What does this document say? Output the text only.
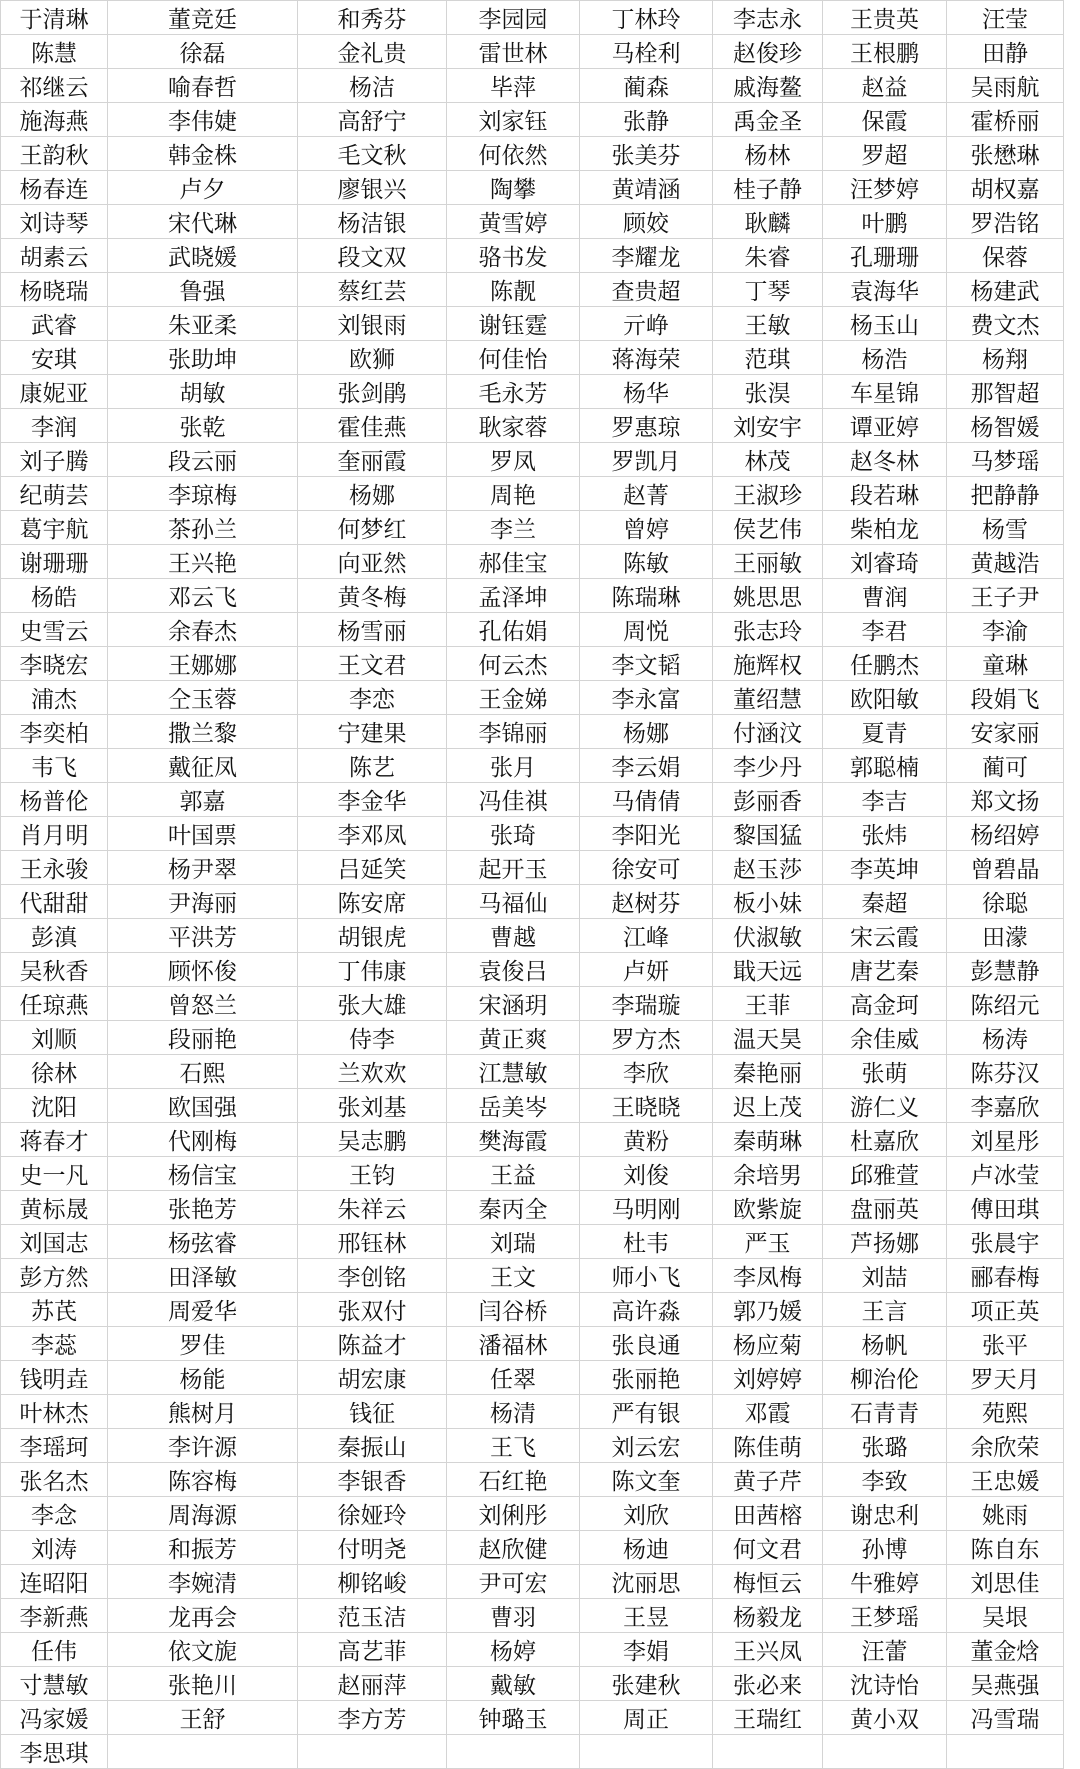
于清琳	董竞廷	和秀芬	李园园	丁林玲	李志永	王贵英	汪莹
陈慧	徐磊	金礼贵	雷世林	马栓利	赵俊珍	王根鹏	田静
祁继云	喻春哲	杨洁	毕萍	蔺森	戚海鳌	赵益	吴雨航
施海燕	李伟婕	高舒宁	刘家钰	张静	禹金圣	保霞	霍桥丽
王韵秋	韩金株	毛文秋	何依然	张美芬	杨林	罗超	张懋琳
杨春连	卢夕	廖银兴	陶攀	黄靖涵	桂子静	汪梦婷	胡权嘉
刘诗琴	宋代琳	杨洁银	黄雪婷	顾姣	耿麟	叶鹏	罗浩铭
胡素云	武晓媛	段文双	骆书发	李耀龙	朱睿	孔珊珊	保蓉
杨晓瑞	鲁强	蔡红芸	陈靓	查贵超	丁琴	袁海华	杨建武
武睿	朱亚柔	刘银雨	谢钰霆	亓峥	王敏	杨玉山	费文杰
安琪	张助坤	欧狮	何佳怡	蒋海荣	范琪	杨浩	杨翔
康妮亚	胡敏	张剑鹃	毛永芳	杨华	张淏	车星锦	那智超
李润	张乾	霍佳燕	耿家蓉	罗惠琼	刘安宇	谭亚婷	杨智媛
刘子腾	段云丽	奎丽霞	罗凤	罗凯月	林茂	赵冬林	马梦瑶
纪萌芸	李琼梅	杨娜	周艳	赵菁	王淑珍	段若琳	把静静
葛宇航	茶孙兰	何梦红	李兰	曾婷	侯艺伟	柴柏龙	杨雪
谢珊珊	王兴艳	向亚然	郝佳宝	陈敏	王丽敏	刘睿琦	黄越浩
杨皓	邓云飞	黄冬梅	孟泽坤	陈瑞琳	姚思思	曹润	王子尹
史雪云	余春杰	杨雪丽	孔佑娟	周悦	张志玲	李君	李渝
李晓宏	王娜娜	王文君	何云杰	李文韬	施辉权	任鹏杰	童琳
浦杰	仝玉蓉	李恋	王金娣	李永富	董绍慧	欧阳敏	段娟飞
李奕柏	撒兰黎	宁建果	李锦丽	杨娜	付涵汶	夏青	安家丽
韦飞	戴征凤	陈艺	张月	李云娟	李少丹	郭聪楠	蔺可
杨普伦	郭嘉	李金华	冯佳祺	马倩倩	彭丽香	李吉	郑文扬
肖月明	叶国票	李邓凤	张琦	李阳光	黎国猛	张炜	杨绍婷
王永骏	杨尹翠	吕延笑	起开玉	徐安可	赵玉莎	李英坤	曾碧晶
代甜甜	尹海丽	陈安席	马福仙	赵树芬	板小妹	秦超	徐聪
彭滇	平洪芳	胡银虎	曹越	江峰	伏淑敏	宋云霞	田濛
吴秋香	顾怀俊	丁伟康	袁俊吕	卢妍	戢天远	唐艺秦	彭慧静
任琼燕	曾怒兰	张大雄	宋涵玥	李瑞璇	王菲	高金珂	陈绍元
刘顺	段丽艳	侍李	黄正爽	罗方杰	温天昊	余佳威	杨涛
徐林	石熙	兰欢欢	江慧敏	李欣	秦艳丽	张萌	陈芬汉
沈阳	欧国强	张刘基	岳美岑	王晓晓	迟上茂	游仁义	李嘉欣
蒋春才	代刚梅	吴志鹏	樊海霞	黄粉	秦萌琳	杜嘉欣	刘星彤
史一凡	杨信宝	王钧	王益	刘俊	余培男	邱雅萱	卢冰莹
黄标晟	张艳芳	朱祥云	秦丙全	马明刚	欧紫旋	盘丽英	傅田琪
刘国志	杨弦睿	邢钰林	刘瑞	杜韦	严玉	芦扬娜	张晨宇
彭方然	田泽敏	李创铭	王文	师小飞	李凤梅	刘喆	郦春梅
苏芪	周爱华	张双付	闫谷桥	高许淼	郭乃媛	王言	项正英
李蕊	罗佳	陈益才	潘福林	张良通	杨应菊	杨帆	张平
钱明垚	杨能	胡宏康	任翠	张丽艳	刘婷婷	柳治伦	罗天月
叶林杰	熊树月	钱征	杨清	严有银	邓霞	石青青	苑熙
李瑶珂	李许源	秦振山	王飞	刘云宏	陈佳萌	张璐	余欣荣
张名杰	陈容梅	李银香	石红艳	陈文奎	黄子芹	李致	王忠媛
李念	周海源	徐娅玲	刘俐彤	刘欣	田茜榕	谢忠利	姚雨
刘涛	和振芳	付明尧	赵欣健	杨迪	何文君	孙博	陈自东
连昭阳	李婉清	柳铭峻	尹可宏	沈丽思	梅恒云	牛雅婷	刘思佳
李新燕	龙再会	范玉洁	曹羽	王昱	杨毅龙	王梦瑶	吴垠
任伟	依文旎	高艺菲	杨婷	李娟	王兴凤	汪蕾	董金焓
寸慧敏	张艳川	赵丽萍	戴敏	张建秋	张必来	沈诗怡	吴燕强
冯家媛	王舒	李方芳	钟璐玉	周正	王瑞红	黄小双	冯雪瑞
李思琪							
